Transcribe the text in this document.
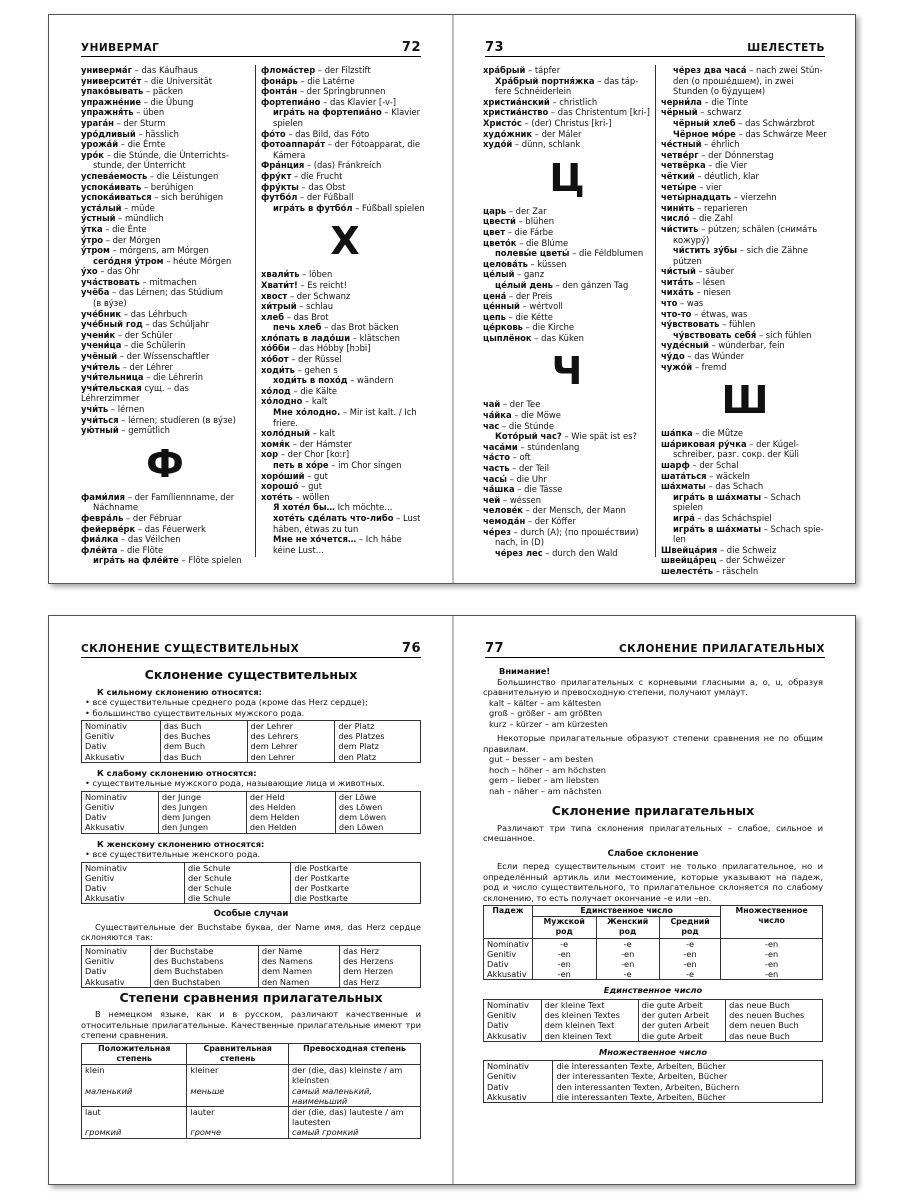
УНИВЕРМАГ	72
универма́г – das Káufhaus
университе́т – die Universität
упако́вывать – päcken
упражне́ние – die Übung
упражня́ть – üben
урага́н – der Sturm
уро́дливый – hässlich
урожа́й – die Érnte
уро́к – die Stúnde, die Únterrichts-
stunde, der Únterricht
успева́емость – die Léistungen
успока́ивать – berúhigen
успока́иваться – sich berúhigen
уста́лый – müde
у́стный – mündlich
у́тка – die Énte
у́тро – der Mórgen
у́тром – mórgens, am Mórgen
сего́дня у́тром – héute Mórgen
у́хо – das Ohr
уча́ствовать – mitmachen
учёба – das Lérnen; das Stúdium
(в ву́зе)
уче́бник – das Léhrbuch
уче́бный год – das Schúljahr
учени́к – der Schüler
учени́ца – die Schülerin
учёный – der Wíssenschaftler
учи́тель – der Léhrer
учи́тельница – die Léhrerin
учи́тельская сущ. – das Léhrerzimmer
учи́ть – lérnen
учи́ться – lérnen; studíeren (в ву́зе)
ую́тный – gemǘtlich
Ф
фами́лия – der Famíliennname, der
Náchname
февра́ль – der Fébruar
фейерве́рк – das Féuerwerk
фиа́лка – das Véilchen
фле́йта – die Flöte
игра́ть на фле́йте – Flöte spielen
флома́стер – der Filzstift
фона́рь – die Latérne
фонта́н – der Springbrunnen
фортепиа́но – das Klavier [-v-]
игра́ть на фортепиа́но – Klavier
spielen
фо́то – das Bild, das Fóto
фотоаппара́т – der Fótoapparat, die
Kámera
Фра́нция – (das) Fránkreich
фру́кт – die Frucht
фру́кты – das Obst
футбо́л – der Fúßball
игра́ть в футбо́л – Fúßball spielen
Х
хвали́ть – löben
Хвати́т! – Es reicht!
хвост – der Schwanz
хи́трый – schlau
хлеб – das Brot
печь хлеб – das Brot bäcken
хло́пать в ладо́ши – klätschen
хо́бби – das Hóbby [hɔbi]
хо́бот – der Rüssel
ходи́ть – gehen s
ходи́ть в похо́д – wändern
хо́лод – die Kälte
хо́лодно – kalt
Мне хо́лодно. – Mir ist kalt. / Ich
friere.
холо́дный – kalt
хомя́к – der Hámster
хор – der Chor [koːr]
петь в хо́ре – im Chor singen
хоро́ший – gut
хорошо́ – gut
хоте́ть – wöllen
Я хоте́л бы… Ich möchte…
хоте́ть сде́лать что-либо – Lust
háben, étwas zu tun
Мне не хо́чется… – Ich hábe
kéine Lust…
73	ШЕЛЕСТЕТЬ
хра́брый – tápfer
Хра́брый портня́жка – das táp-
fere Schnéiderlein
христиа́нский – christlich
христиа́нство – das Christentum [kri-]
Христо́с – (der) Christus [kri-]
худо́жник – der Máler
худо́й – dünn, schlank
Ц
царь – der Zar
цвести́ – blühen
цвет – die Fárbe
цвето́к – die Blúme
полевы́е цветы́ – die Féldblumen
целова́ть – küssen
це́лый – ganz
це́лый день – den gánzen Tag
цена́ – der Preis
це́нный – wértvoll
цепь – die Kétte
це́рковь – die Kirche
цыплёнок – das Küken
Ч
чай – der Tee
ча́йка – die Möwe
час – die Stúnde
Кото́рый час? – Wie spät ist es?
часа́ми – stúndenlang
ча́сто – oft
часть – der Teil
часы́ – die Uhr
ча́шка – die Tásse
чей – wéssen
челове́к – der Mensch, der Mann
чемода́н – der Kóffer
че́рез – durch (A); (по проше́ствии)
nach, in (D)
че́рез лес – durch den Wald
че́рез два часа́ – nach zwei Stún-
den (о проше́дшем), in zwei
Stunden (о бу́дущем)
черни́ла – die Tínte
чёрный – schwarz
чёрный хлеб – das Schwárzbrot
Чёрное мо́ре – das Schwárze Meer
че́стный – éhrlich
четве́рг – der Dónnerstag
четвёрка – die Vier
чёткий – déutlich, klar
четы́ре – vier
четы́рнадцать – vierzehn
чини́ть – reparieren
число́ – die Zahl
чи́стить – pútzen; schälen (снима́ть
кожуру́)
чи́стить зу́бы – sich die Zähne pútzen
чи́стый – säuber
чита́ть – lésen
чиха́ть – niesen
что – was
что-то – étwas, was
чу́вствовать – fühlen
чу́вствовать себя́ – sich fühlen
чуде́сный – wúnderbar, fein
чу́до – das Wúnder
чужо́й – fremd
Ш
ша́пка – die Mǘtze
ша́риковая ру́чка – der Kúgel-
schreiber, разг. сокр. der Küli
шарф – der Schal
шата́ться – wäckeln
ша́хматы – das Schach
игра́ть в ша́хматы – Schach spielen
игра́ – das Scháchspiel
игра́ть в ша́хматы – Schach spie-
len
Швейца́рия – die Schweiz
швейца́рец – der Schwéizer
шелесте́ть – räscheln
СКЛОНЕНИЕ СУЩЕСТВИТЕЛЬНЫХ	76
Склонение существительных
К сильному склонению относятся:
• все существительные среднего рода (кроме das Herz сердце);
• большинство существительных мужского рода.
Nominativ	das Buch	der Lehrer	der Platz
Genitiv	des Buches	des Lehrers	des Platzes
Dativ	dem Buch	dem Lehrer	dem Platz
Akkusativ	das Buch	den Lehrer	den Platz
К слабому склонению относятся:
• существительные мужского рода, называющие лица и животных.
Nominativ	der Junge	der Held	der Löwe
Genitiv	des Jungen	des Helden	des Löwen
Dativ	dem Jungen	dem Helden	dem Löwen
Akkusativ	den Jungen	den Helden	den Löwen
К женскому склонению относятся:
• все существительные женского рода.
Nominativ	die Schule	die Postkarte
Genitiv	der Schule	der Postkarte
Dativ	der Schule	der Postkarte
Akkusativ	die Schule	die Postkarte
Особые случаи
Существительные der Buchstabe буква, der Name имя, das Herz сердце склоняются так:
Nominativ	der Buchstabe	der Name	das Herz
Genitiv	des Buchstabens	des Namens	des Herzens
Dativ	dem Buchstaben	dem Namen	dem Herzen
Akkusativ	den Buchstaben	den Namen	das Herz
Степени сравнения прилагательных
В немецком языке, как и в русском, различают качественные и относительные прилагательные. Качественные прилагательные имеют три степени сравнения.
Положительная степень	Сравнительная степень	Превосходная степень
klein	kleiner	der (die, das) kleinste / am kleinsten
маленький	меньше	самый маленький, наименьший
laut	lauter	der (die, das) lauteste / am lautesten
громкий	громче	самый громкий
77	СКЛОНЕНИЕ ПРИЛАГАТЕЛЬНЫХ
Внимание!
Большинство прилагательных с корневыми гласными a, o, u, образуя сравнительную и превосходную степени, получают умлаут.
kalt – kälter – am kältesten
groß – größer – am größten
kurz – kürzer – am kürzesten
Некоторые прилагательные образуют степени сравнения не по общим правилам.
gut – besser – am besten
hoch – höher – am höchsten
gern – lieber – am liebsten
nah – näher – am nächsten
Склонение прилагательных
Различают три типа склонения прилагательных – слабое, сильное и смешанное.
Слабое склонение
Если перед существительным стоит не только прилагательное, но и определённый артикль или местоимение, которые указывают на падеж, род и число существительного, то прилагательное склоняется по слабому склонению, то есть получает окончание –e или –en.
Падеж	Единственное число			Множественное число
	Мужской род	Женский род	Средний род	
Nominativ	-e	-e	-e	-en
Genitiv	-en	-en	-en	-en
Dativ	-en	-en	-en	-en
Akkusativ	-en	-e	-e	-en
Единственное число
Nominativ	der kleine Text	die gute Arbeit	das neue Buch
Genitiv	des kleinen Textes	der guten Arbeit	des neuen Buches
Dativ	dem kleinen Text	der guten Arbeit	dem neuen Buch
Akkusativ	den kleinen Text	die gute Arbeit	das neue Buch
Множественное число
Nominativ	die interessanten Texte, Arbeiten, Bücher
Genitiv	der interessanten Texte, Arbeiten, Bücher
Dativ	den interessanten Texten, Arbeiten, Büchern
Akkusativ	die interessanten Texte, Arbeiten, Bücher
